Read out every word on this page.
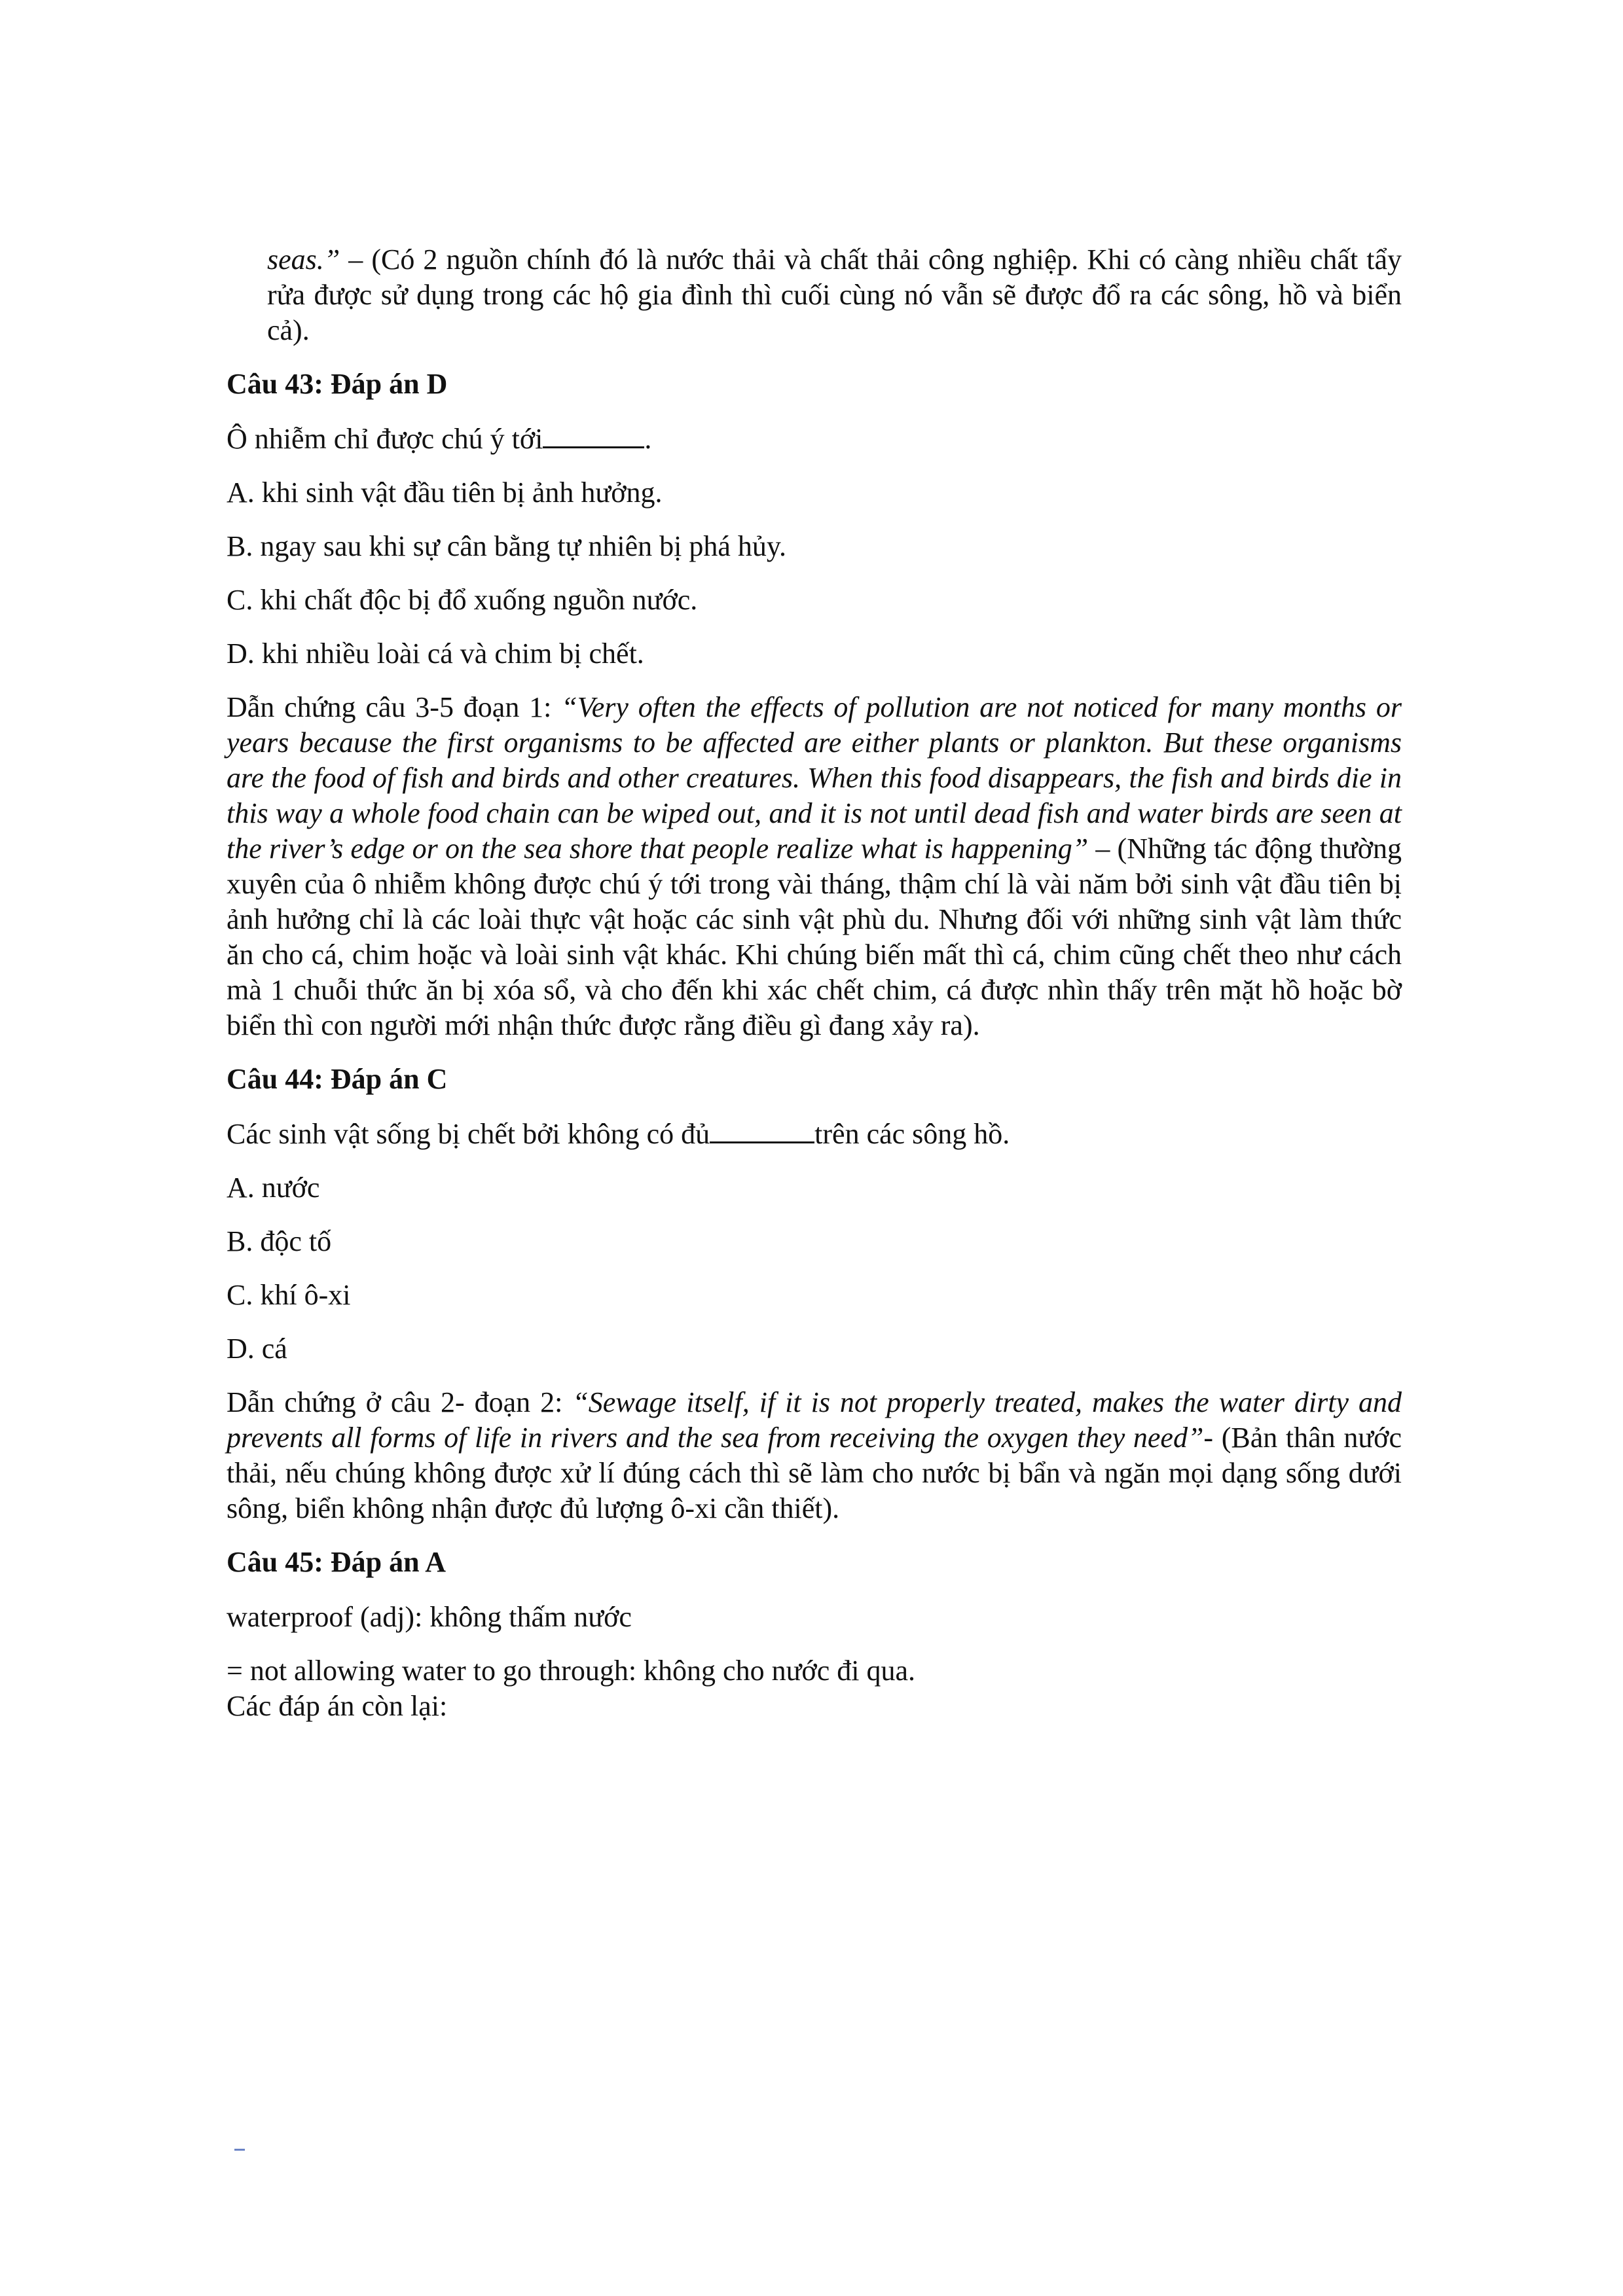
seas.” – (Có 2 nguồn chính đó là nước thải và chất thải công nghiệp. Khi có càng nhiều chất tẩy rửa được sử dụng trong các hộ gia đình thì cuối cùng nó vẫn sẽ được đổ ra các sông, hồ và biển cả).

Câu 43: Đáp án D

Ô nhiễm chỉ được chú ý tới	.

A. khi sinh vật đầu tiên bị ảnh hưởng.

B. ngay sau khi sự cân bằng tự nhiên bị phá hủy.

C. khi chất độc bị đổ xuống nguồn nước.

D. khi nhiều loài cá và chim bị chết.

Dẫn chứng câu 3-5 đoạn 1: “Very often the effects of pollution are not noticed for many months or years because the first organisms to be affected are either plants or plankton. But these organisms are the food of fish and birds and other creatures. When this food disappears, the fish and birds die in this way a whole food chain can be wiped out, and it is not until dead fish and water birds are seen at the river’s edge or on the sea shore that people realize what is happening” – (Những tác động thường xuyên của ô nhiễm không được chú ý tới trong vài tháng, thậm chí là vài năm bởi sinh vật đầu tiên bị ảnh hưởng chỉ là các loài thực vật hoặc các sinh vật phù du. Nhưng đối với những sinh vật làm thức ăn cho cá, chim hoặc và loài sinh vật khác. Khi chúng biến mất thì cá, chim cũng chết theo như cách mà 1 chuỗi thức ăn bị xóa sổ, và cho đến khi xác chết chim, cá được nhìn thấy trên mặt hồ hoặc bờ biển thì con người mới nhận thức được rằng điều gì đang xảy ra).

Câu 44: Đáp án C

Các sinh vật sống bị chết bởi không có đủ	trên các sông hồ.

A. nước

B. độc tố

C. khí ô-xi

D. cá

Dẫn chứng ở câu 2- đoạn 2: “Sewage itself, if it is not properly treated, makes the water dirty and prevents all forms of life in rivers and the sea from receiving the oxygen they need”- (Bản thân nước thải, nếu chúng không được xử lí đúng cách thì sẽ làm cho nước bị bẩn và ngăn mọi dạng sống dưới sông, biển không nhận được đủ lượng ô-xi cần thiết).

Câu 45: Đáp án A

waterproof (adj): không thấm nước

= not allowing water to go through: không cho nước đi qua.

Các đáp án còn lại:
